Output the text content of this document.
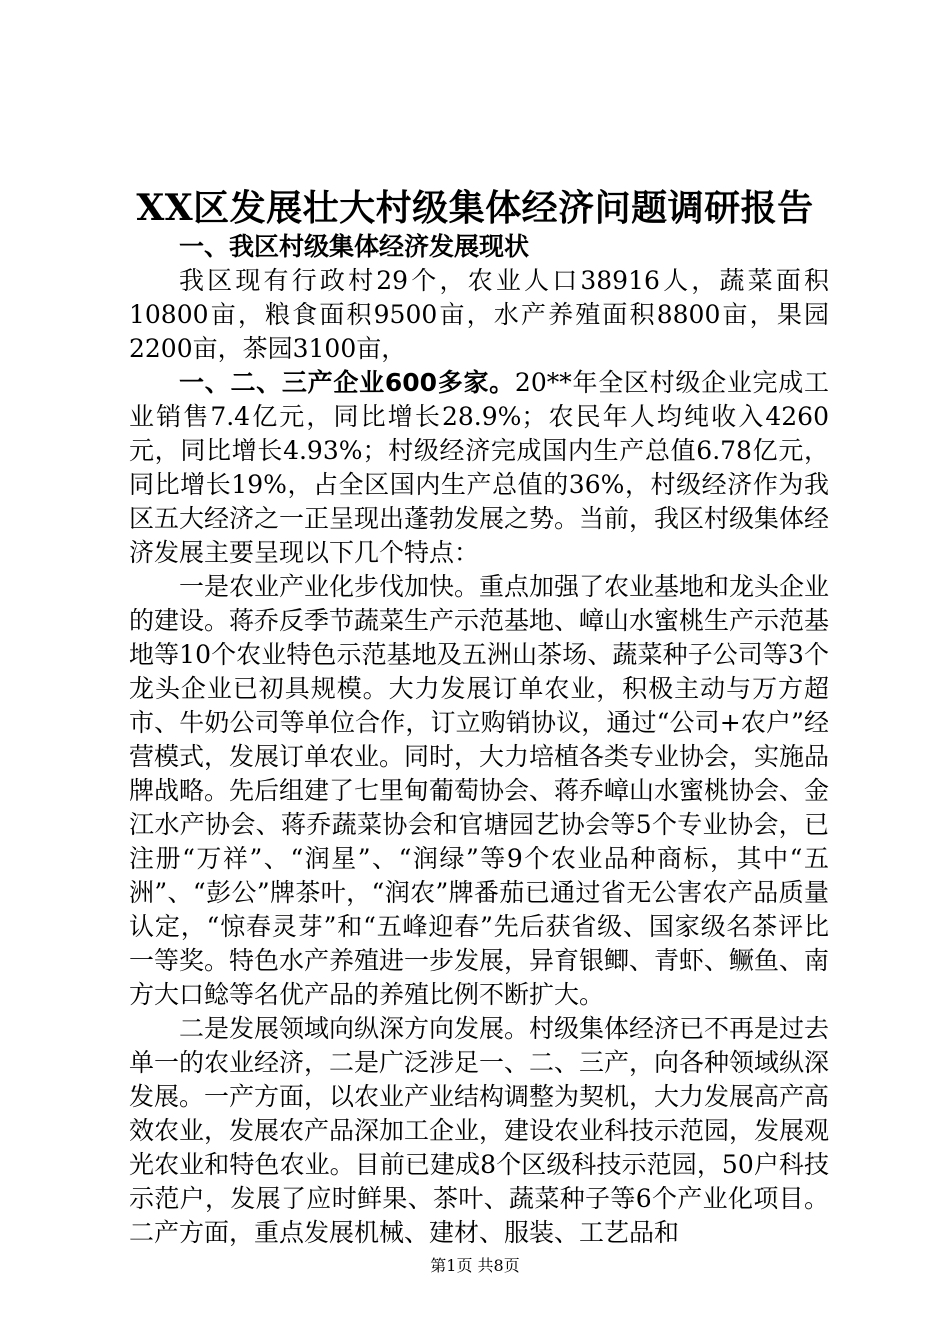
XX区发展壮大村级集体经济问题调研报告

一、我区村级集体经济发展现状

我区现有行政村29个，农业人口38916人，蔬菜面积10800亩，粮食面积9500亩，水产养殖面积8800亩，果园2200亩，茶园3100亩，

一、二、三产企业600多家。20**年全区村级企业完成工业销售7.4亿元，同比增长28.9%；农民年人均纯收入4260元，同比增长4.93%；村级经济完成国内生产总值6.78亿元，同比增长19%，占全区国内生产总值的36%，村级经济作为我区五大经济之一正呈现出蓬勃发展之势。当前，我区村级集体经济发展主要呈现以下几个特点：

一是农业产业化步伐加快。重点加强了农业基地和龙头企业的建设。蒋乔反季节蔬菜生产示范基地、嶂山水蜜桃生产示范基地等10个农业特色示范基地及五洲山茶场、蔬菜种子公司等3个龙头企业已初具规模。大力发展订单农业，积极主动与万方超市、牛奶公司等单位合作，订立购销协议，通过“公司+农户”经营模式，发展订单农业。同时，大力培植各类专业协会，实施品牌战略。先后组建了七里甸葡萄协会、蒋乔嶂山水蜜桃协会、金江水产协会、蒋乔蔬菜协会和官塘园艺协会等5个专业协会，已注册“万祥”、“润星”、“润绿”等9个农业品种商标，其中“五洲”、“彭公”牌茶叶，“润农”牌番茄已通过省无公害农产品质量认定，“惊春灵芽”和“五峰迎春”先后获省级、国家级名茶评比一等奖。特色水产养殖进一步发展，异育银鲫、青虾、鳜鱼、南方大口鲶等名优产品的养殖比例不断扩大。

二是发展领域向纵深方向发展。村级集体经济已不再是过去单一的农业经济，二是广泛涉足一、二、三产，向各种领域纵深发展。一产方面，以农业产业结构调整为契机，大力发展高产高效农业，发展农产品深加工企业，建设农业科技示范园，发展观光农业和特色农业。目前已建成8个区级科技示范园，50户科技示范户，发展了应时鲜果、茶叶、蔬菜种子等6个产业化项目。二产方面，重点发展机械、建材、服装、工艺品和

第1页 共8页
